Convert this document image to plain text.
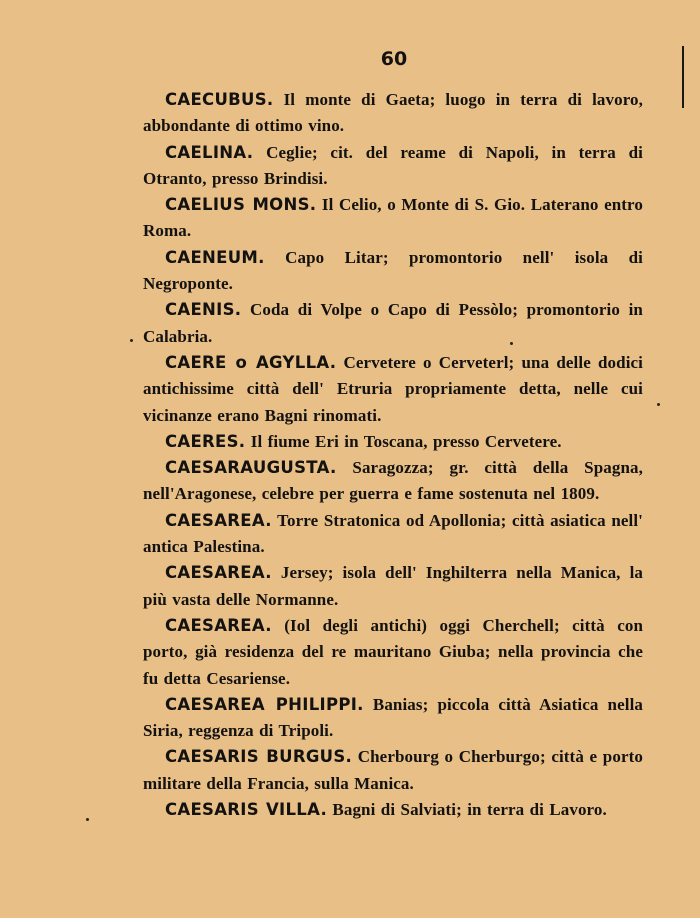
60

CAECUBUS. Il monte di Gaeta; luogo in terra di lavoro, abbondante di ottimo vino.

CAELINA. Ceglie; cit. del reame di Napoli, in terra di Otranto, presso Brindisi.

CAELIUS MONS. Il Celio, o Monte di S. Gio. Laterano entro Roma.

CAENEUM. Capo Litar; promontorio nell' isola di Negroponte.

CAENIS. Coda di Volpe o Capo di Pessòlo; promontorio in Calabria.

CAERE o AGYLLA. Cervetere o Cerveterl; una delle dodici antichissime città dell' Etruria propriamente detta, nelle cui vicinanze erano Bagni rinomati.

CAERES. Il fiume Eri in Toscana, presso Cervetere.

CAESARAUGUSTA. Saragozza; gr. città della Spagna, nell'Aragonese, celebre per guerra e fame sostenuta nel 1809.

CAESAREA. Torre Stratonica od Apollonia; città asiatica nell' antica Palestina.

CAESAREA. Jersey; isola dell' Inghilterra nella Manica, la più vasta delle Normanne.

CAESAREA. (Iol degli antichi) oggi Cherchell; città con porto, già residenza del re mauritano Giuba; nella provincia che fu detta Cesariense.

CAESAREA PHILIPPI. Banias; piccola città Asiatica nella Siria, reggenza di Tripoli.

CAESARIS BURGUS. Cherbourg o Cherburgo; città e porto militare della Francia, sulla Manica.

CAESARIS VILLA. Bagni di Salviati; in terra di Lavoro.
